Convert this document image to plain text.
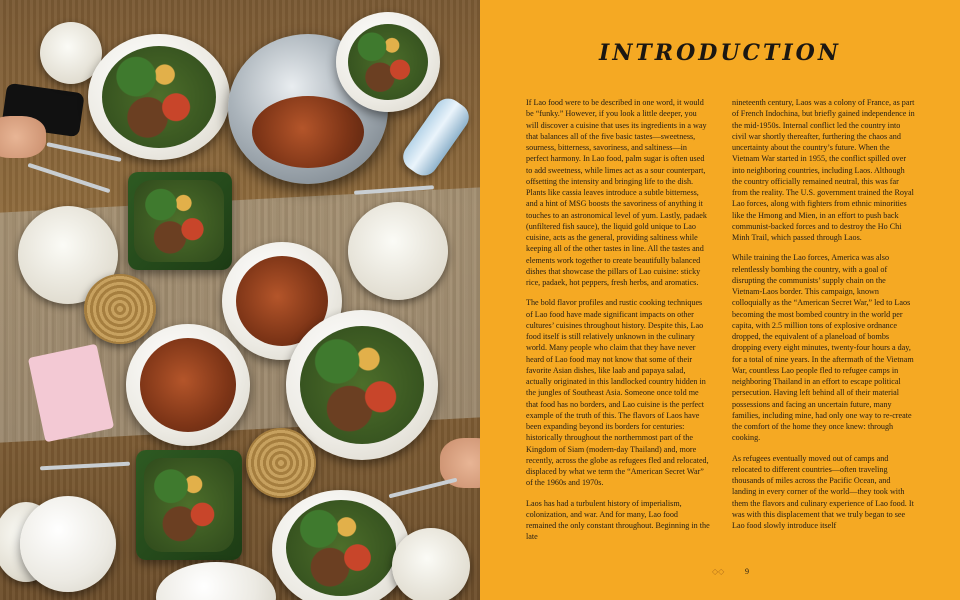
INTRODUCTION

If Lao food were to be described in one word, it would be “funky.” However, if you look a little deeper, you will discover a cuisine that uses its ingredients in a way that balances all of the five basic tastes—sweetness, sourness, bitterness, savoriness, and saltiness—in perfect harmony. In Lao food, palm sugar is often used to add sweetness, while limes act as a sour counterpart, offsetting the intensity and bringing life to the dish. Plants like cassia leaves introduce a subtle bitterness, and a hint of MSG boosts the savoriness of anything it touches to an astronomical level of yum. Lastly, padaek (unfiltered fish sauce), the liquid gold unique to Lao cuisine, acts as the general, providing saltiness while keeping all of the other tastes in line. All the tastes and elements work together to create beautifully balanced dishes that showcase the pillars of Lao cuisine: sticky rice, padaek, hot peppers, fresh herbs, and aromatics.

The bold flavor profiles and rustic cooking techniques of Lao food have made significant impacts on other cultures’ cuisines throughout history. Despite this, Lao food itself is still relatively unknown in the culinary world. Many people who claim that they have never heard of Lao food may not know that some of their favorite Asian dishes, like laab and papaya salad, actually originated in this landlocked country hidden in the jungles of Southeast Asia. Someone once told me that food has no borders, and Lao cuisine is the perfect example of the truth of this. The flavors of Laos have been expanding beyond its borders for centuries: historically throughout the northernmost part of the Kingdom of Siam (modern-day Thailand) and, more recently, across the globe as refugees fled and relocated, displaced by what we term the “American Secret War” of the 1960s and 1970s.

Laos has had a turbulent history of imperialism, colonization, and war. And for many, Lao food remained the only constant throughout. Beginning in the late

nineteenth century, Laos was a colony of France, as part of French Indochina, but briefly gained independence in the mid-1950s. Internal conflict led the country into civil war shortly thereafter, furthering the chaos and uncertainty about the country’s future. When the Vietnam War started in 1955, the conflict spilled over into neighboring countries, including Laos. Although the country officially remained neutral, this was far from the reality. The U.S. government trained the Royal Lao forces, along with fighters from ethnic minorities like the Hmong and Mien, in an effort to push back communist-backed forces and to destroy the Ho Chi Minh Trail, which passed through Laos.

While training the Lao forces, America was also relentlessly bombing the country, with a goal of disrupting the communists’ supply chain on the Vietnam-Laos border. This campaign, known colloquially as the “American Secret War,” led to Laos becoming the most bombed country in the world per capita, with 2.5 million tons of explosive ordnance dropped, the equivalent of a planeload of bombs dropping every eight minutes, twenty-four hours a day, for a total of nine years. In the aftermath of the Vietnam War, countless Lao people fled to refugee camps in neighboring Thailand in an effort to escape political persecution. Having left behind all of their material possessions and facing an uncertain future, many families, including mine, had only one way to re-create the comfort of the home they once knew: through cooking.

As refugees eventually moved out of camps and relocated to different countries—often traveling thousands of miles across the Pacific Ocean, and landing in every corner of the world—they took with them the flavors and culinary experience of Lao food. It was with this displacement that we truly began to see Lao food slowly introduce itself

◇◇	9
